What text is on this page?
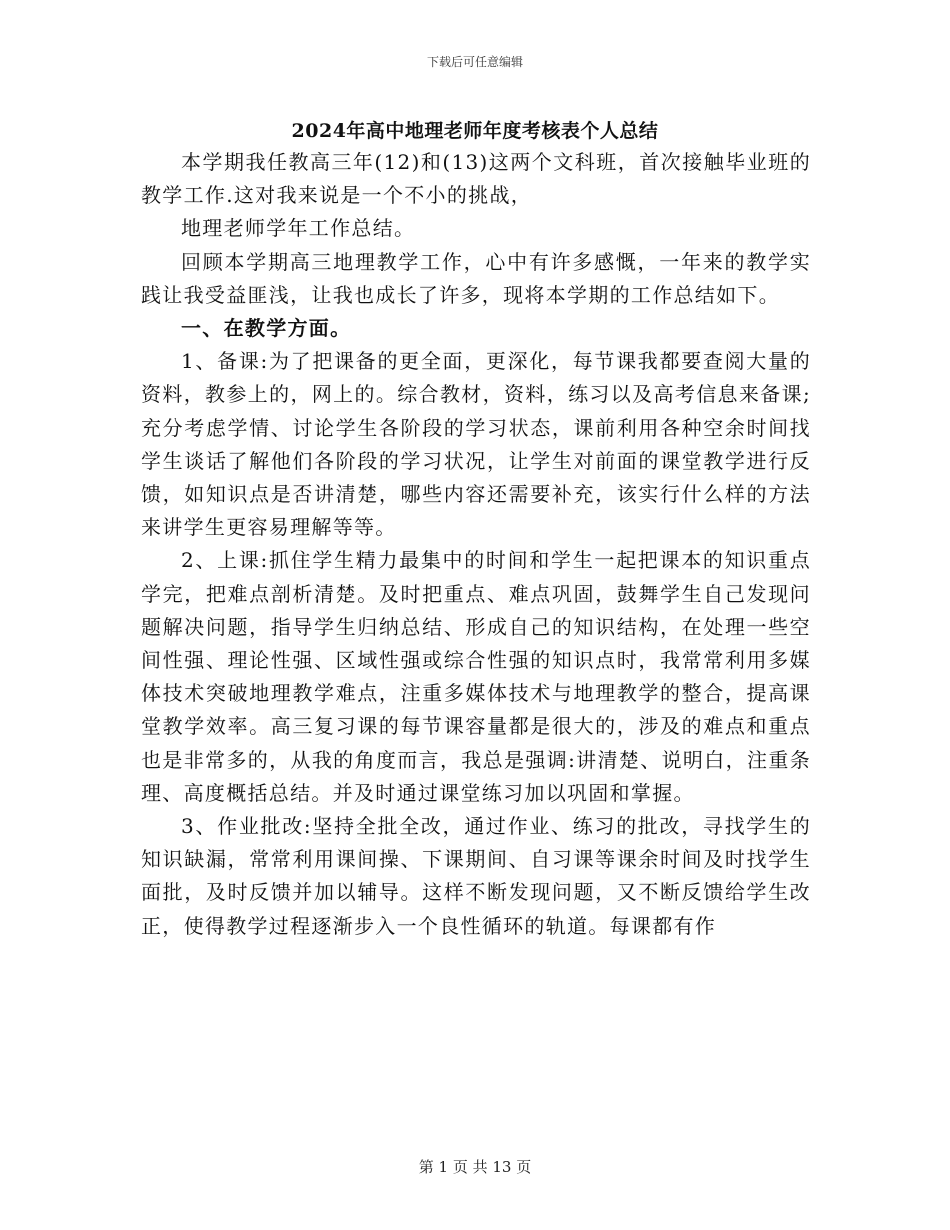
下载后可任意编辑
2024年高中地理老师年度考核表个人总结

本学期我任教高三年(12)和(13)这两个文科班，首次接触毕业班的教学工作.这对我来说是一个不小的挑战，

地理老师学年工作总结。

回顾本学期高三地理教学工作，心中有许多感慨，一年来的教学实践让我受益匪浅，让我也成长了许多，现将本学期的工作总结如下。

一、在教学方面。

1、备课:为了把课备的更全面，更深化，每节课我都要查阅大量的资料，教参上的，网上的。综合教材，资料，练习以及高考信息来备课;充分考虑学情、讨论学生各阶段的学习状态，课前利用各种空余时间找学生谈话了解他们各阶段的学习状况，让学生对前面的课堂教学进行反馈，如知识点是否讲清楚，哪些内容还需要补充，该实行什么样的方法来讲学生更容易理解等等。

2、上课:抓住学生精力最集中的时间和学生一起把课本的知识重点学完，把难点剖析清楚。及时把重点、难点巩固，鼓舞学生自己发现问题解决问题，指导学生归纳总结、形成自己的知识结构，在处理一些空间性强、理论性强、区域性强或综合性强的知识点时，我常常利用多媒体技术突破地理教学难点，注重多媒体技术与地理教学的整合，提高课堂教学效率。高三复习课的每节课容量都是很大的，涉及的难点和重点也是非常多的，从我的角度而言，我总是强调:讲清楚、说明白，注重条理、高度概括总结。并及时通过课堂练习加以巩固和掌握。

3、作业批改:坚持全批全改，通过作业、练习的批改，寻找学生的知识缺漏，常常利用课间操、下课期间、自习课等课余时间及时找学生面批，及时反馈并加以辅导。这样不断发现问题，又不断反馈给学生改正，使得教学过程逐渐步入一个良性循环的轨道。每课都有作

第 1 页 共 13 页
